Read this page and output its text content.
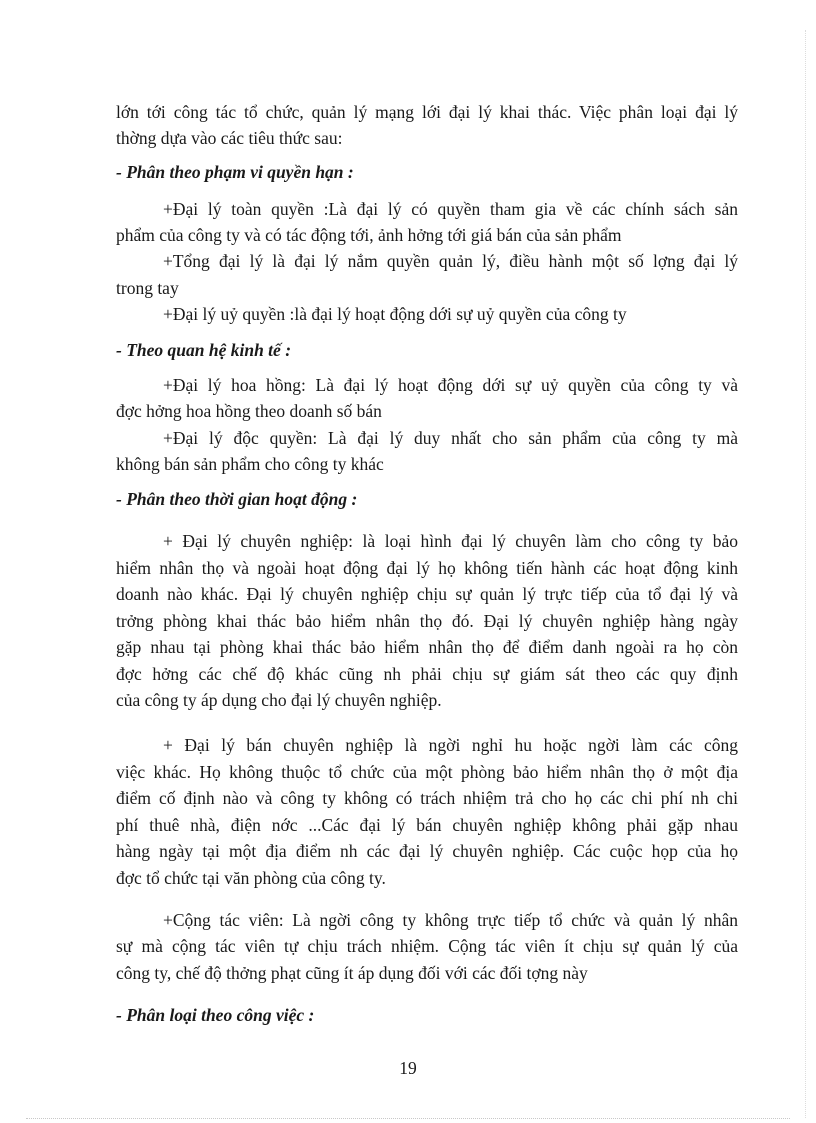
lớn tới công tác tổ chức, quản lý mạng lới đại lý khai thác. Việc phân loại đại lý
thờng dựa vào các tiêu thức sau:
- Phân theo phạm vi quyền hạn :
+Đại lý toàn quyền :Là đại lý có quyền tham gia về các chính sách sản
phẩm của công ty và có tác động tới, ảnh hởng tới giá bán của sản phẩm
+Tổng đại lý là đại lý nắm quyền quản lý, điều hành một số lợng đại lý
trong tay
+Đại lý uỷ quyền :là đại lý hoạt động dới sự uỷ quyền của công ty
- Theo quan hệ kinh tế :
+Đại lý hoa hồng: Là đại lý hoạt động dới sự uỷ quyền của công ty và
đợc hởng hoa hồng theo doanh số bán
+Đại lý độc quyền: Là đại lý duy nhất cho sản phẩm của công ty mà
không bán sản phẩm cho công ty khác
- Phân theo thời gian hoạt động :
+ Đại lý chuyên nghiệp: là loại hình đại lý chuyên làm cho công ty bảo
hiểm nhân thọ và ngoài hoạt động đại lý họ không tiến hành các hoạt động kinh
doanh nào khác. Đại lý chuyên nghiệp chịu sự quản lý trực tiếp của tổ đại lý và
trởng phòng khai thác bảo hiểm nhân thọ đó. Đại lý chuyên nghiệp hàng ngày
gặp nhau tại phòng khai thác bảo hiểm nhân thọ để điểm danh ngoài ra họ còn
đợc hởng các chế độ khác cũng nh phải chịu sự giám sát theo các quy định
của công ty áp dụng cho đại lý chuyên nghiệp.
+ Đại lý bán chuyên nghiệp là ngời nghỉ hu hoặc ngời làm các công
việc khác. Họ không thuộc tổ chức của một phòng bảo hiểm nhân thọ ở một địa
điểm cố định nào và công ty không có trách nhiệm trả cho họ các chi phí nh chi
phí thuê nhà, điện nớc ...Các đại lý bán chuyên nghiệp không phải gặp nhau
hàng ngày tại một địa điểm nh các đại lý chuyên nghiệp. Các cuộc họp của họ
đợc tổ chức tại văn phòng của công ty.
+Cộng tác viên: Là ngời công ty không trực tiếp tổ chức và quản lý nhân
sự mà cộng tác viên tự chịu trách nhiệm. Cộng tác viên ít chịu sự quản lý của
công ty, chế độ thởng phạt cũng ít áp dụng đối với các đối tợng này
- Phân loại theo công việc :
19
